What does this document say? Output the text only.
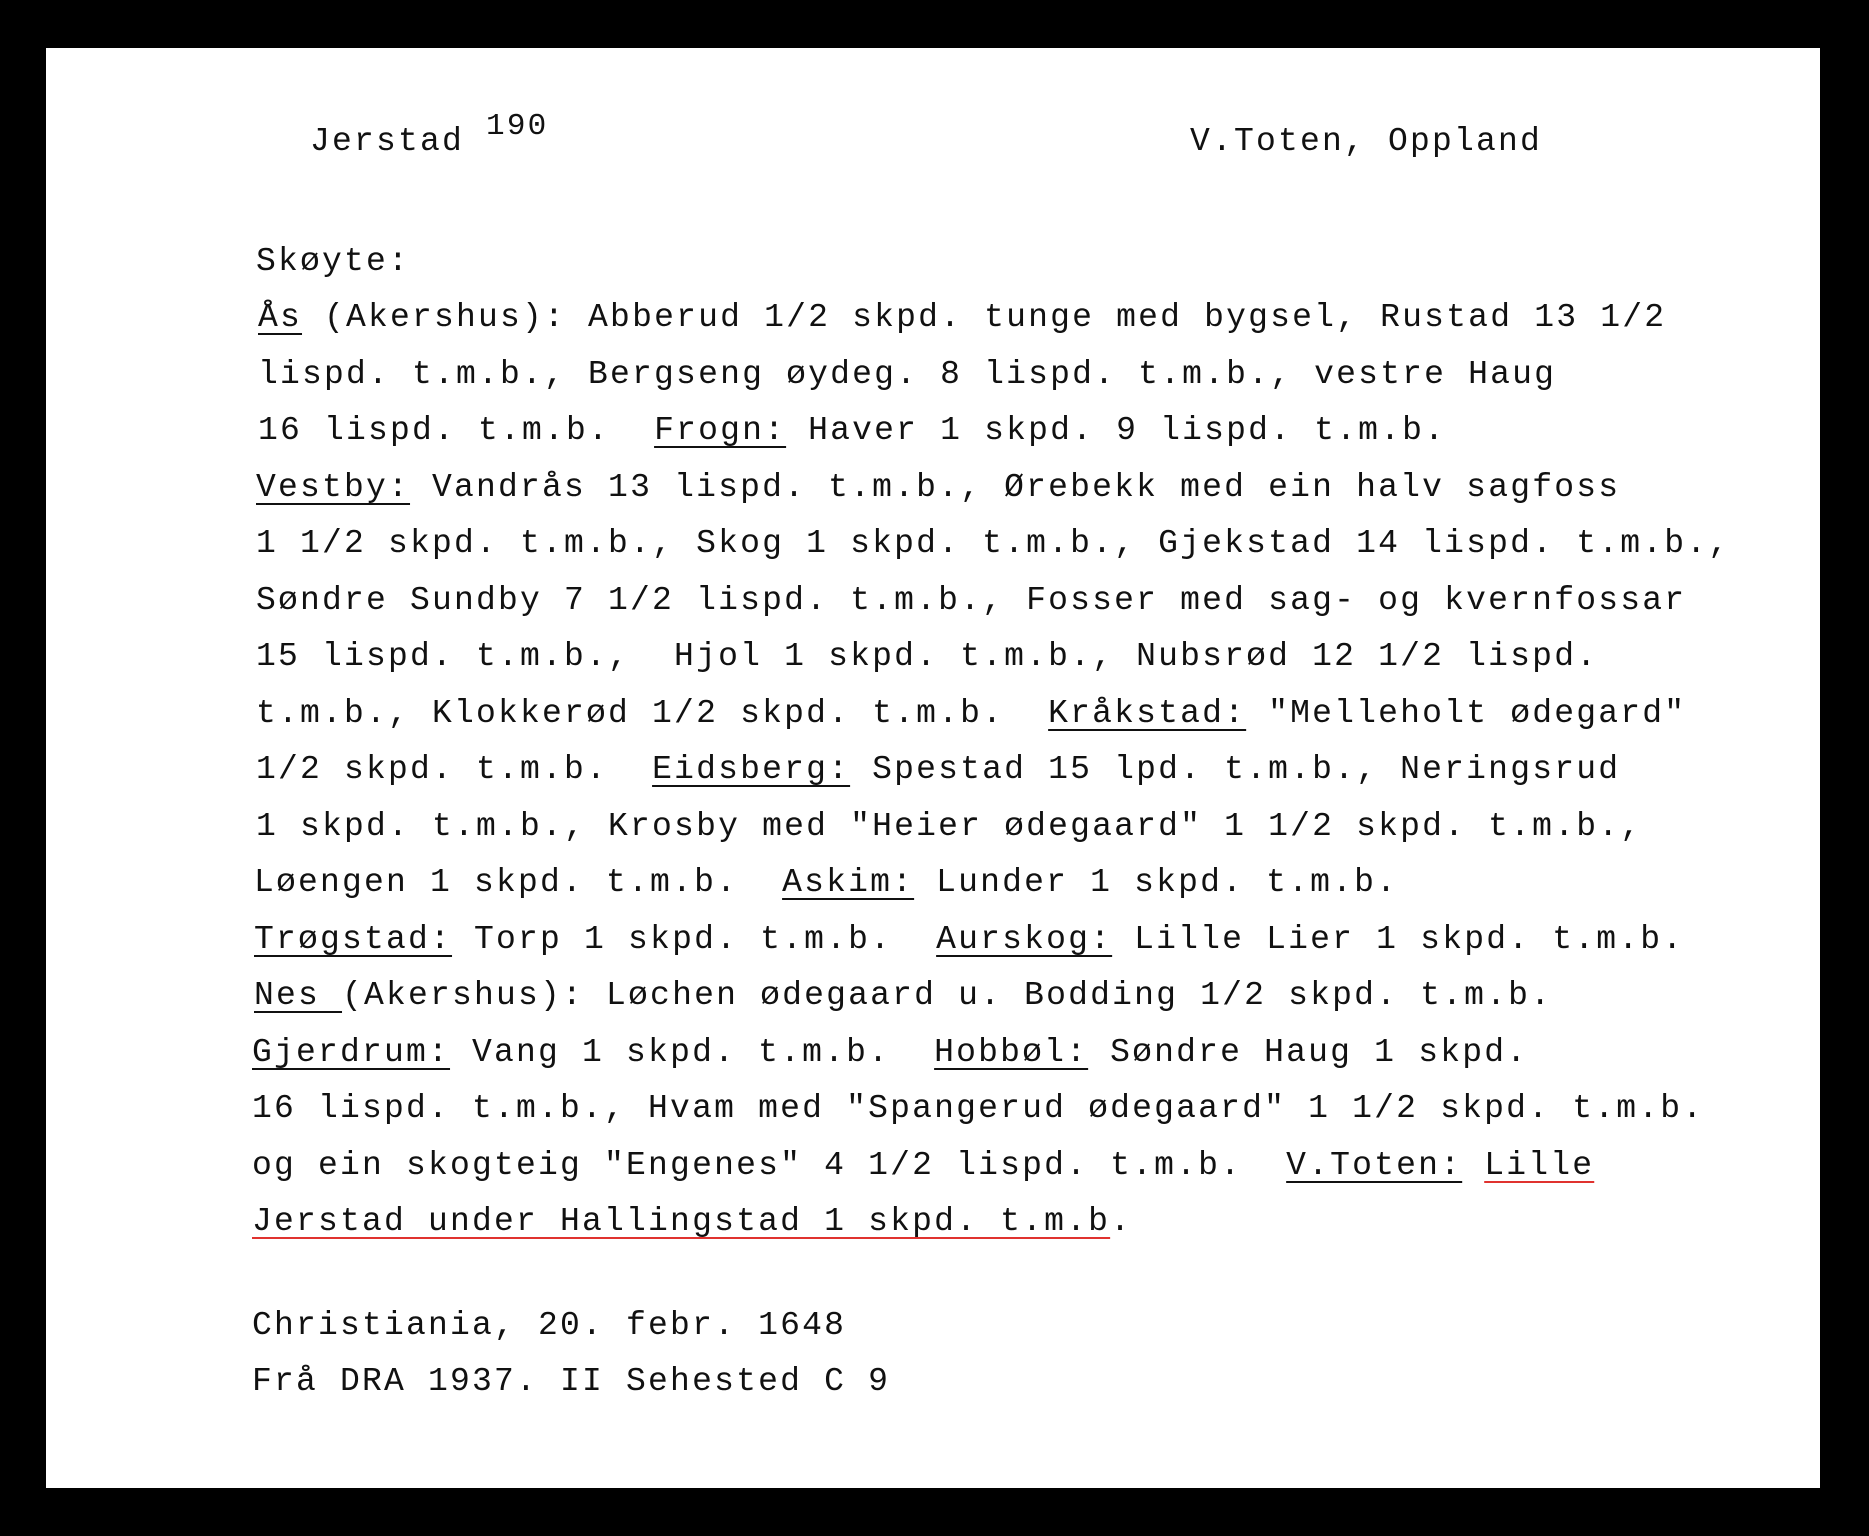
Jerstad 190	V.Toten, Oppland
Skøyte:
Ås (Akershus): Abberud 1/2 skpd. tunge med bygsel, Rustad 13 1/2
lispd. t.m.b., Bergseng øydeg. 8 lispd. t.m.b., vestre Haug
16 lispd. t.m.b.  Frogn: Haver 1 skpd. 9 lispd. t.m.b.
Vestby: Vandrås 13 lispd. t.m.b., Ørebekk med ein halv sagfoss
1 1/2 skpd. t.m.b., Skog 1 skpd. t.m.b., Gjekstad 14 lispd. t.m.b.,
Søndre Sundby 7 1/2 lispd. t.m.b., Fosser med sag- og kvernfossar
15 lispd. t.m.b.,  Hjol 1 skpd. t.m.b., Nubsrød 12 1/2 lispd.
t.m.b., Klokkerød 1/2 skpd. t.m.b.  Kråkstad: "Melleholt ødegard"
1/2 skpd. t.m.b.  Eidsberg: Spestad 15 lpd. t.m.b., Neringsrud
1 skpd. t.m.b., Krosby med "Heier ødegaard" 1 1/2 skpd. t.m.b.,
Løengen 1 skpd. t.m.b.  Askim: Lunder 1 skpd. t.m.b.
Trøgstad: Torp 1 skpd. t.m.b.  Aurskog: Lille Lier 1 skpd. t.m.b.
Nes (Akershus): Løchen ødegaard u. Bodding 1/2 skpd. t.m.b.
Gjerdrum: Vang 1 skpd. t.m.b.  Hobbøl: Søndre Haug 1 skpd.
16 lispd. t.m.b., Hvam med "Spangerud ødegaard" 1 1/2 skpd. t.m.b.
og ein skogteig "Engenes" 4 1/2 lispd. t.m.b.  V.Toten: Lille
Jerstad under Hallingstad 1 skpd. t.m.b.
Christiania, 20. febr. 1648
Frå DRA 1937. II Sehested C 9
